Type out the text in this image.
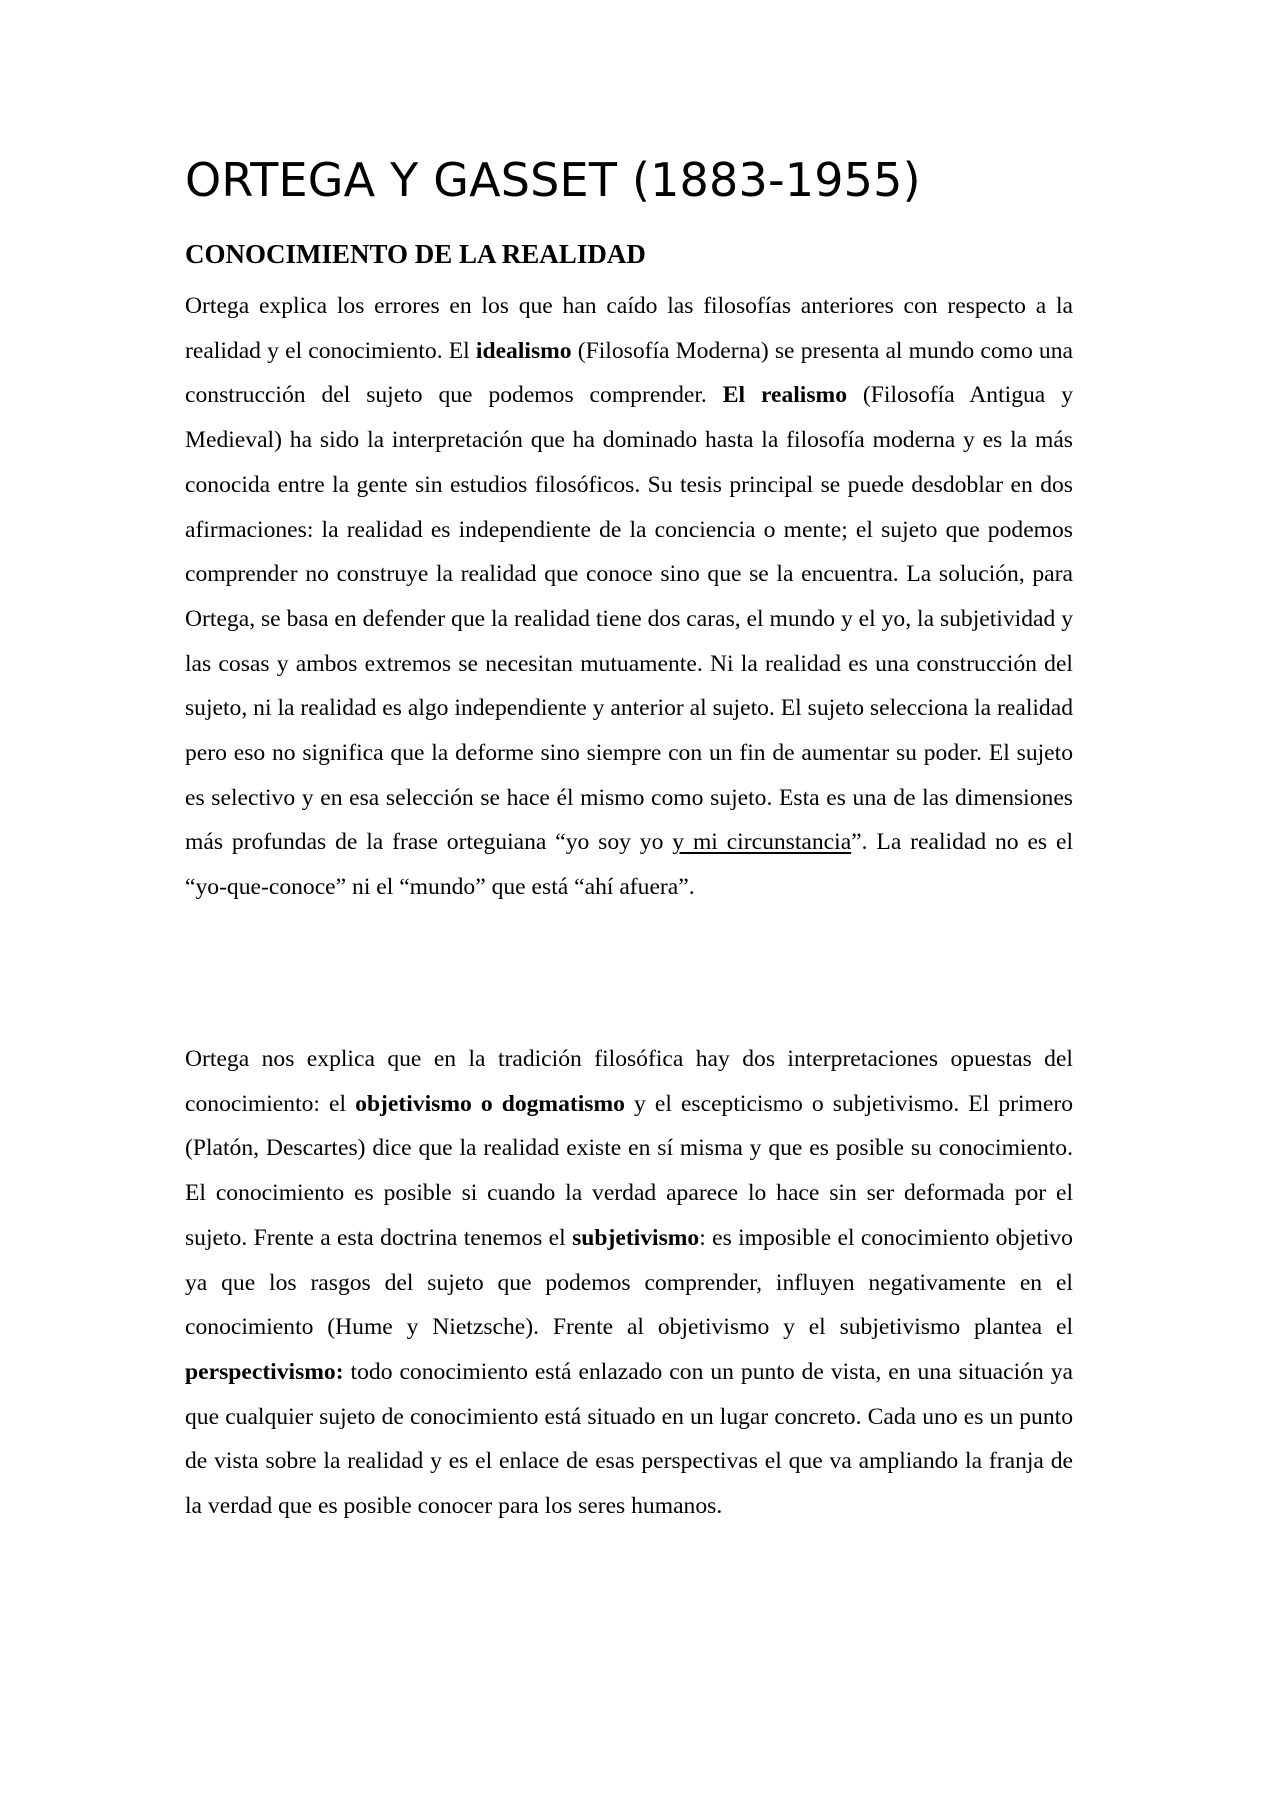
ORTEGA Y GASSET (1883-1955)
CONOCIMIENTO DE LA REALIDAD

Ortega explica los errores en los que han caído las filosofías anteriores con respecto a la realidad y el conocimiento. El idealismo (Filosofía Moderna) se presenta al mundo como una construcción del sujeto que podemos comprender. El realismo (Filosofía Antigua y Medieval) ha sido la interpretación que ha dominado hasta la filosofía moderna y es la más conocida entre la gente sin estudios filosóficos. Su tesis principal se puede desdoblar en dos afirmaciones: la realidad es independiente de la conciencia o mente; el sujeto que podemos comprender no construye la realidad que conoce sino que se la encuentra. La solución, para Ortega, se basa en defender que la realidad tiene dos caras, el mundo y el yo, la subjetividad y las cosas y ambos extremos se necesitan mutuamente. Ni la realidad es una construcción del sujeto, ni la realidad es algo independiente y anterior al sujeto. El sujeto selecciona la realidad pero eso no significa que la deforme sino siempre con un fin de aumentar su poder. El sujeto es selectivo y en esa selección se hace él mismo como sujeto. Esta es una de las dimensiones más profundas de la frase orteguiana “yo soy yo y mi circunstancia”. La realidad no es el “yo-que-conoce” ni el “mundo” que está “ahí afuera”.

Ortega nos explica que en la tradición filosófica hay dos interpretaciones opuestas del conocimiento: el objetivismo o dogmatismo y el escepticismo o subjetivismo. El primero (Platón, Descartes) dice que la realidad existe en sí misma y que es posible su conocimiento. El conocimiento es posible si cuando la verdad aparece lo hace sin ser deformada por el sujeto. Frente a esta doctrina tenemos el subjetivismo: es imposible el conocimiento objetivo ya que los rasgos del sujeto que podemos comprender, influyen negativamente en el conocimiento (Hume y Nietzsche). Frente al objetivismo y el subjetivismo plantea el perspectivismo: todo conocimiento está enlazado con un punto de vista, en una situación ya que cualquier sujeto de conocimiento está situado en un lugar concreto. Cada uno es un punto de vista sobre la realidad y es el enlace de esas perspectivas el que va ampliando la franja de la verdad que es posible conocer para los seres humanos.
